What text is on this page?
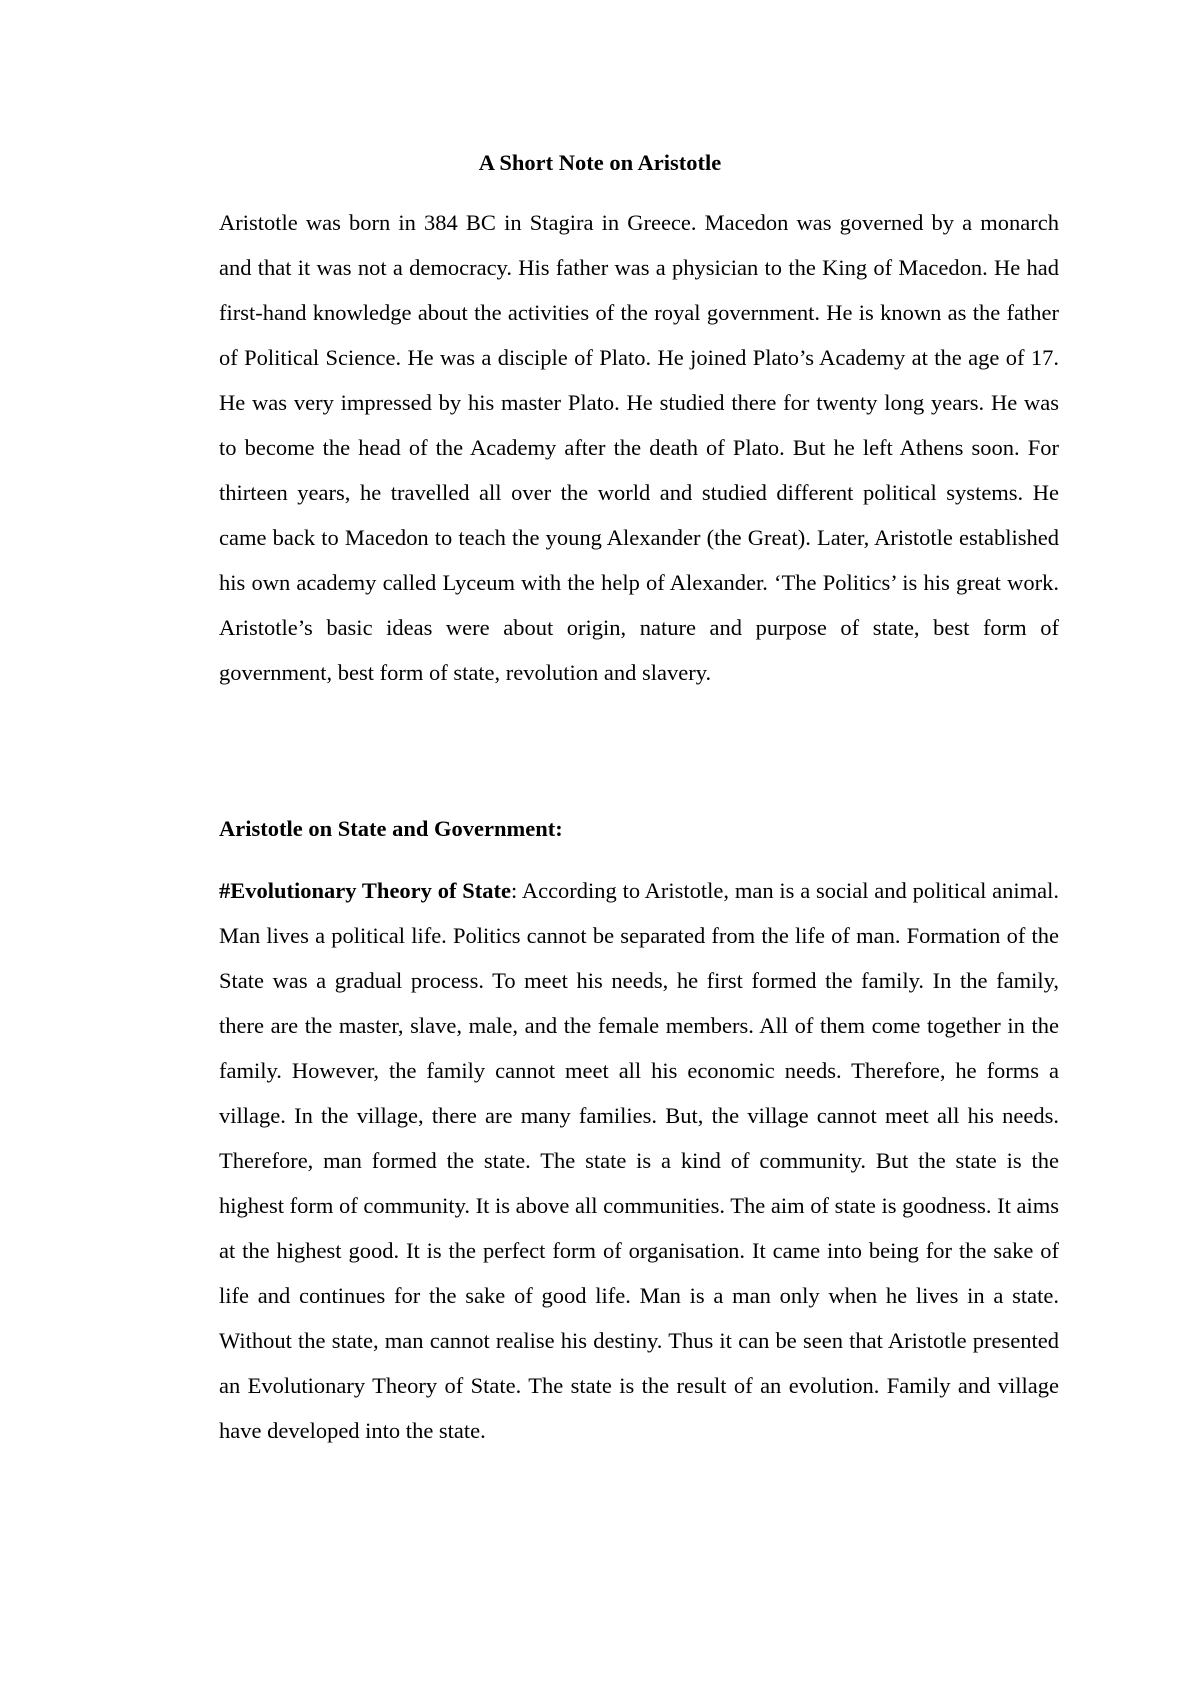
A Short Note on Aristotle
Aristotle was born in 384 BC in Stagira in Greece. Macedon was governed by a monarch and that it was not a democracy. His father was a physician to the King of Macedon. He had first-hand knowledge about the activities of the royal government. He is known as the father of Political Science. He was a disciple of Plato. He joined Plato’s Academy at the age of 17. He was very impressed by his master Plato. He studied there for twenty long years. He was to become the head of the Academy after the death of Plato. But he left Athens soon. For thirteen years, he travelled all over the world and studied different political systems. He came back to Macedon to teach the young Alexander (the Great). Later, Aristotle established his own academy called Lyceum with the help of Alexander. ‘The Politics’ is his great work. Aristotle’s basic ideas were about origin, nature and purpose of state, best form of government, best form of state, revolution and slavery.
Aristotle on State and Government:
#Evolutionary Theory of State: According to Aristotle, man is a social and political animal. Man lives a political life. Politics cannot be separated from the life of man. Formation of the State was a gradual process. To meet his needs, he first formed the family. In the family, there are the master, slave, male, and the female members. All of them come together in the family. However, the family cannot meet all his economic needs. Therefore, he forms a village. In the village, there are many families. But, the village cannot meet all his needs. Therefore, man formed the state. The state is a kind of community. But the state is the highest form of community. It is above all communities. The aim of state is goodness. It aims at the highest good. It is the perfect form of organisation. It came into being for the sake of life and continues for the sake of good life. Man is a man only when he lives in a state. Without the state, man cannot realise his destiny. Thus it can be seen that Aristotle presented an Evolutionary Theory of State. The state is the result of an evolution. Family and village have developed into the state.
